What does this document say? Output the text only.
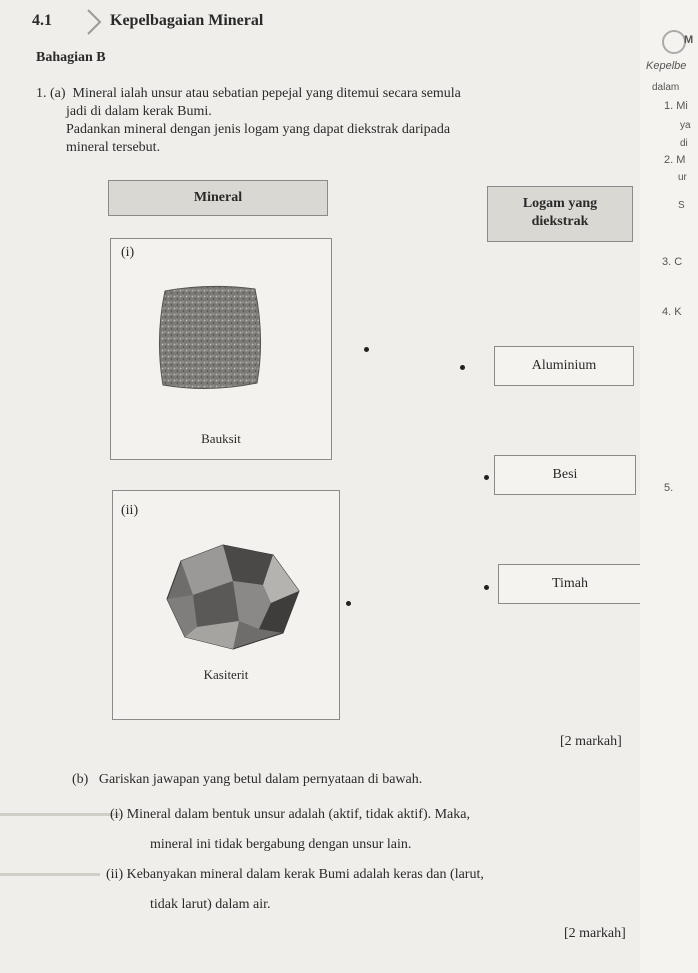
4.1	Kepelbagaian Mineral
Bahagian B
1. (a) Mineral ialah unsur atau sebatian pepejal yang ditemui secara semula
jadi di dalam kerak Bumi.
Padankan mineral dengan jenis logam yang dapat diekstrak daripada
mineral tersebut.
Mineral	Logam yang
diekstrak
(i)
Bauksit
(ii)
Kasiterit
Aluminium
Besi
Timah
[2 markah]
(b) Gariskan jawapan yang betul dalam pernyataan di bawah.
(i) Mineral dalam bentuk unsur adalah (aktif, tidak aktif). Maka,
mineral ini tidak bergabung dengan unsur lain.
(ii) Kebanyakan mineral dalam kerak Bumi adalah keras dan (larut,
tidak larut) dalam air.
[2 markah]
M
Kepelbe
dalam
1. Mi
ya
di
2. M
ur
S
3. C
4. K
5.
